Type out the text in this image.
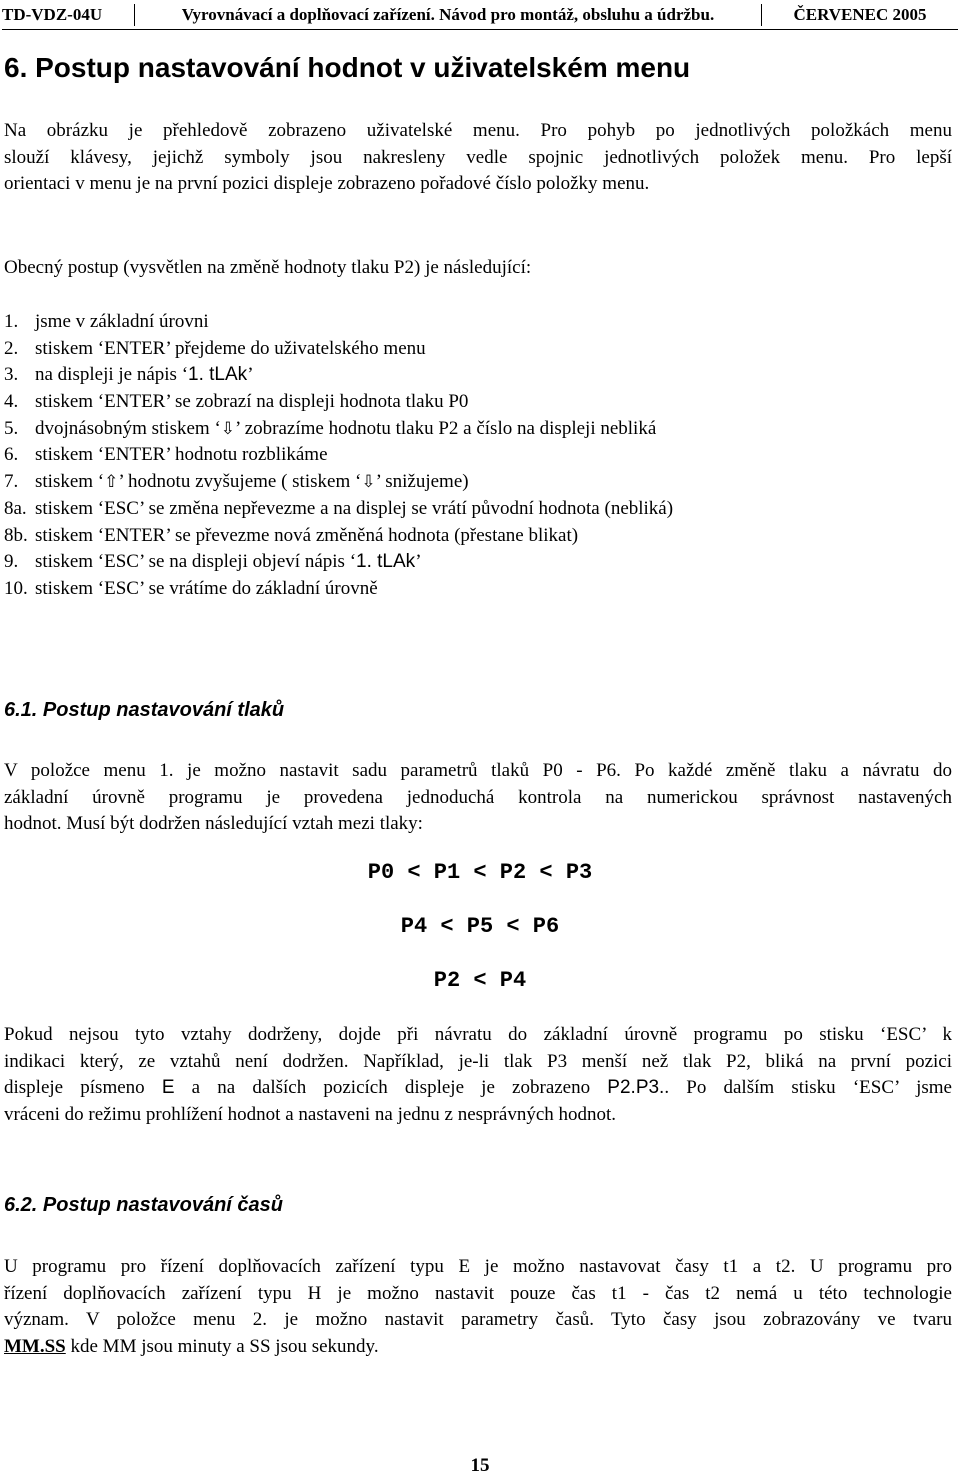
TD-VDZ-04U	Vyrovnávací a doplňovací zařízení. Návod pro montáž, obsluhu a údržbu.	ČERVENEC 2005
6. Postup nastavování hodnot v uživatelském menu
Na obrázku je přehledově zobrazeno uživatelské menu. Pro pohyb po jednotlivých položkách menu
slouží klávesy, jejichž symboly jsou nakresleny vedle spojnic jednotlivých položek menu. Pro lepší
orientaci v menu je na první pozici displeje zobrazeno pořadové číslo položky menu.
Obecný postup (vysvětlen na změně hodnoty tlaku P2) je následující:
1. jsme v základní úrovni
2. stiskem ‘ENTER’ přejdeme do uživatelského menu
3. na displeji je nápis ‘1. tLAk’
4. stiskem ‘ENTER’ se zobrazí na displeji hodnota tlaku P0
5. dvojnásobným stiskem ‘⇩’ zobrazíme hodnotu tlaku P2 a číslo na displeji nebliká
6. stiskem ‘ENTER’ hodnotu rozblikáme
7. stiskem ‘⇧’ hodnotu zvyšujeme ( stiskem ‘⇩’ snižujeme)
8a. stiskem ‘ESC’ se změna nepřevezme a na displej se vrátí původní hodnota (nebliká)
8b. stiskem ‘ENTER’ se převezme nová změněná hodnota (přestane blikat)
9. stiskem ‘ESC’ se na displeji objeví nápis ‘1. tLAk’
10. stiskem ‘ESC’ se vrátíme do základní úrovně
6.1. Postup nastavování tlaků
V položce menu 1. je možno nastavit sadu parametrů tlaků P0 - P6. Po každé změně tlaku a návratu do
základní úrovně programu je provedena jednoduchá kontrola na numerickou správnost nastavených
hodnot. Musí být dodržen následující vztah mezi tlaky:
P0 < P1 < P2 < P3
P4 < P5 < P6
P2 < P4
Pokud nejsou tyto vztahy dodrženy, dojde při návratu do základní úrovně programu po stisku ‘ESC’ k
indikaci který, ze vztahů není dodržen. Například, je-li tlak P3 menší než tlak P2, bliká na první pozici
displeje písmeno E a na dalších pozicích displeje je zobrazeno P2.P3.. Po dalším stisku ‘ESC’ jsme
vráceni do režimu prohlížení hodnot a nastaveni na jednu z nesprávných hodnot.
6.2. Postup nastavování časů
U programu pro řízení doplňovacích zařízení typu E je možno nastavovat časy t1 a t2. U programu pro
řízení doplňovacích zařízení typu H je možno nastavit pouze čas t1 - čas t2 nemá u této technologie
význam. V položce menu 2. je možno nastavit parametry časů. Tyto časy jsou zobrazovány ve tvaru
MM.SS kde MM jsou minuty a SS jsou sekundy.
15
